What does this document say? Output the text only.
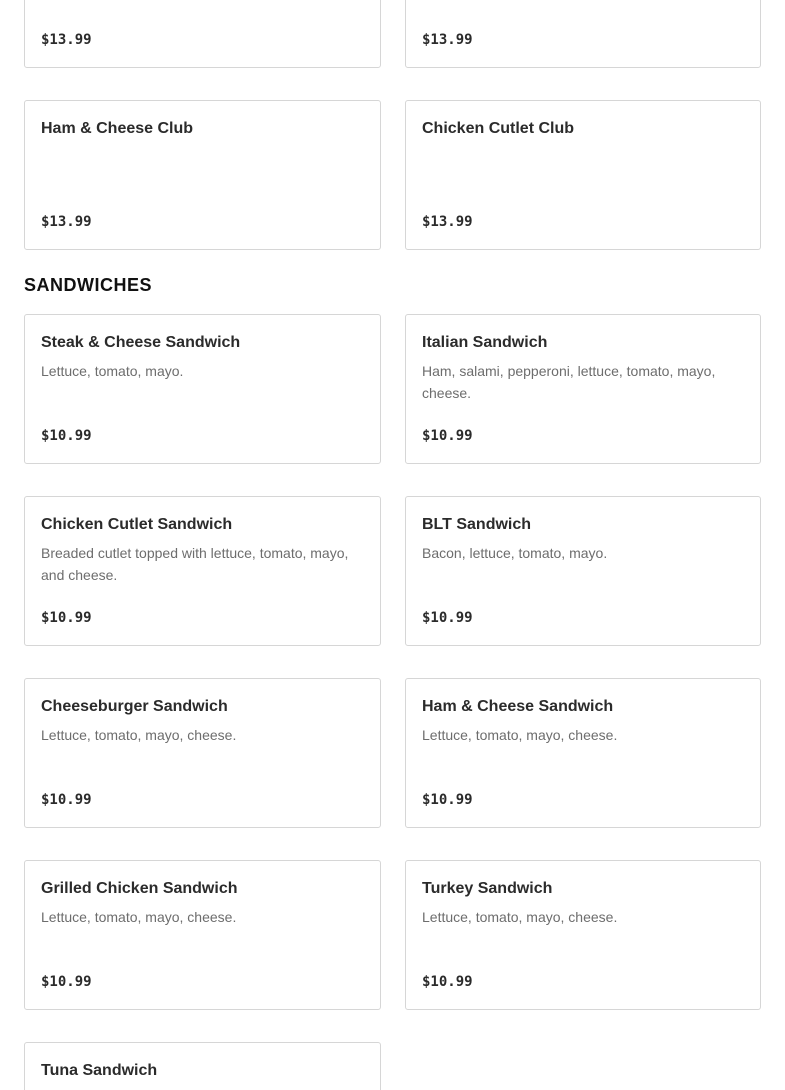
$13.99	$13.99
Ham & Cheese Club
$13.99
Chicken Cutlet Club
$13.99
SANDWICHES
Steak & Cheese Sandwich
Lettuce, tomato, mayo.
$10.99
Italian Sandwich
Ham, salami, pepperoni, lettuce, tomato, mayo, cheese.
$10.99
Chicken Cutlet Sandwich
Breaded cutlet topped with lettuce, tomato, mayo, and cheese.
$10.99
BLT Sandwich
Bacon, lettuce, tomato, mayo.
$10.99
Cheeseburger Sandwich
Lettuce, tomato, mayo, cheese.
$10.99
Ham & Cheese Sandwich
Lettuce, tomato, mayo, cheese.
$10.99
Grilled Chicken Sandwich
Lettuce, tomato, mayo, cheese.
$10.99
Turkey Sandwich
Lettuce, tomato, mayo, cheese.
$10.99
Tuna Sandwich
